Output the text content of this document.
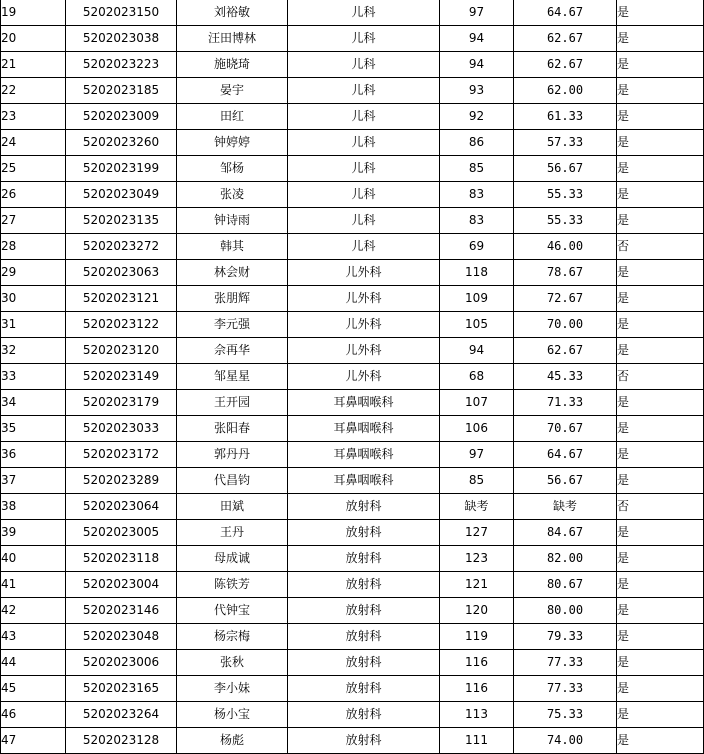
19	5202023150	刘裕敏	儿科	97	64.67	是
20	5202023038	汪田博林	儿科	94	62.67	是
21	5202023223	施晓琦	儿科	94	62.67	是
22	5202023185	晏宇	儿科	93	62.00	是
23	5202023009	田红	儿科	92	61.33	是
24	5202023260	钟婷婷	儿科	86	57.33	是
25	5202023199	邹杨	儿科	85	56.67	是
26	5202023049	张凌	儿科	83	55.33	是
27	5202023135	钟诗雨	儿科	83	55.33	是
28	5202023272	韩其	儿科	69	46.00	否
29	5202023063	林会财	儿外科	118	78.67	是
30	5202023121	张朋辉	儿外科	109	72.67	是
31	5202023122	李元强	儿外科	105	70.00	是
32	5202023120	佘再华	儿外科	94	62.67	是
33	5202023149	邹星星	儿外科	68	45.33	否
34	5202023179	王开园	耳鼻咽喉科	107	71.33	是
35	5202023033	张阳春	耳鼻咽喉科	106	70.67	是
36	5202023172	郭丹丹	耳鼻咽喉科	97	64.67	是
37	5202023289	代昌钧	耳鼻咽喉科	85	56.67	是
38	5202023064	田斌	放射科	缺考	缺考	否
39	5202023005	王丹	放射科	127	84.67	是
40	5202023118	母成诚	放射科	123	82.00	是
41	5202023004	陈铁芳	放射科	121	80.67	是
42	5202023146	代钟宝	放射科	120	80.00	是
43	5202023048	杨宗梅	放射科	119	79.33	是
44	5202023006	张秋	放射科	116	77.33	是
45	5202023165	李小妹	放射科	116	77.33	是
46	5202023264	杨小宝	放射科	113	75.33	是
47	5202023128	杨彪	放射科	111	74.00	是
